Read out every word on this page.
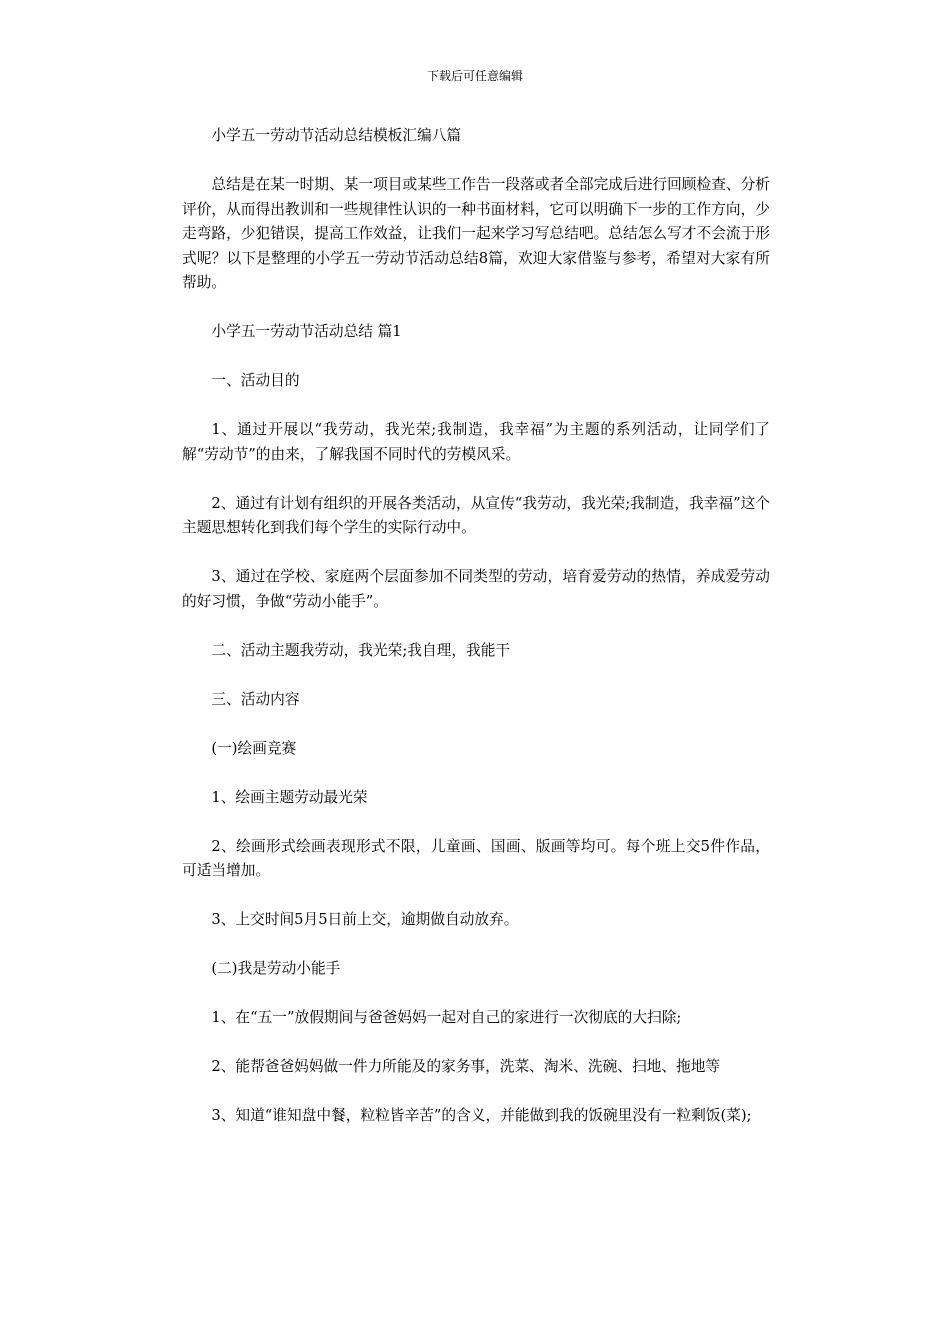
下载后可任意编辑

小学五一劳动节活动总结模板汇编八篇

总结是在某一时期、某一项目或某些工作告一段落或者全部完成后进行回顾检查、分析评价，从而得出教训和一些规律性认识的一种书面材料，它可以明确下一步的工作方向，少走弯路，少犯错误，提高工作效益，让我们一起来学习写总结吧。总结怎么写才不会流于形式呢？以下是整理的小学五一劳动节活动总结8篇，欢迎大家借鉴与参考，希望对大家有所帮助。

小学五一劳动节活动总结 篇1

一、活动目的

1、通过开展以“我劳动，我光荣;我制造，我幸福”为主题的系列活动，让同学们了解“劳动节”的由来，了解我国不同时代的劳模风采。

2、通过有计划有组织的开展各类活动，从宣传“我劳动，我光荣;我制造，我幸福”这个主题思想转化到我们每个学生的实际行动中。

3、通过在学校、家庭两个层面参加不同类型的劳动，培育爱劳动的热情，养成爱劳动的好习惯，争做“劳动小能手”。

二、活动主题我劳动，我光荣;我自理，我能干

三、活动内容

(一)绘画竞赛

1、绘画主题劳动最光荣

2、绘画形式绘画表现形式不限，儿童画、国画、版画等均可。每个班上交5件作品，可适当增加。

3、上交时间5月5日前上交，逾期做自动放弃。

(二)我是劳动小能手

1、在“五一”放假期间与爸爸妈妈一起对自己的家进行一次彻底的大扫除;

2、能帮爸爸妈妈做一件力所能及的家务事，洗菜、淘米、洗碗、扫地、拖地等

3、知道“谁知盘中餐，粒粒皆辛苦”的含义，并能做到我的饭碗里没有一粒剩饭(菜);
